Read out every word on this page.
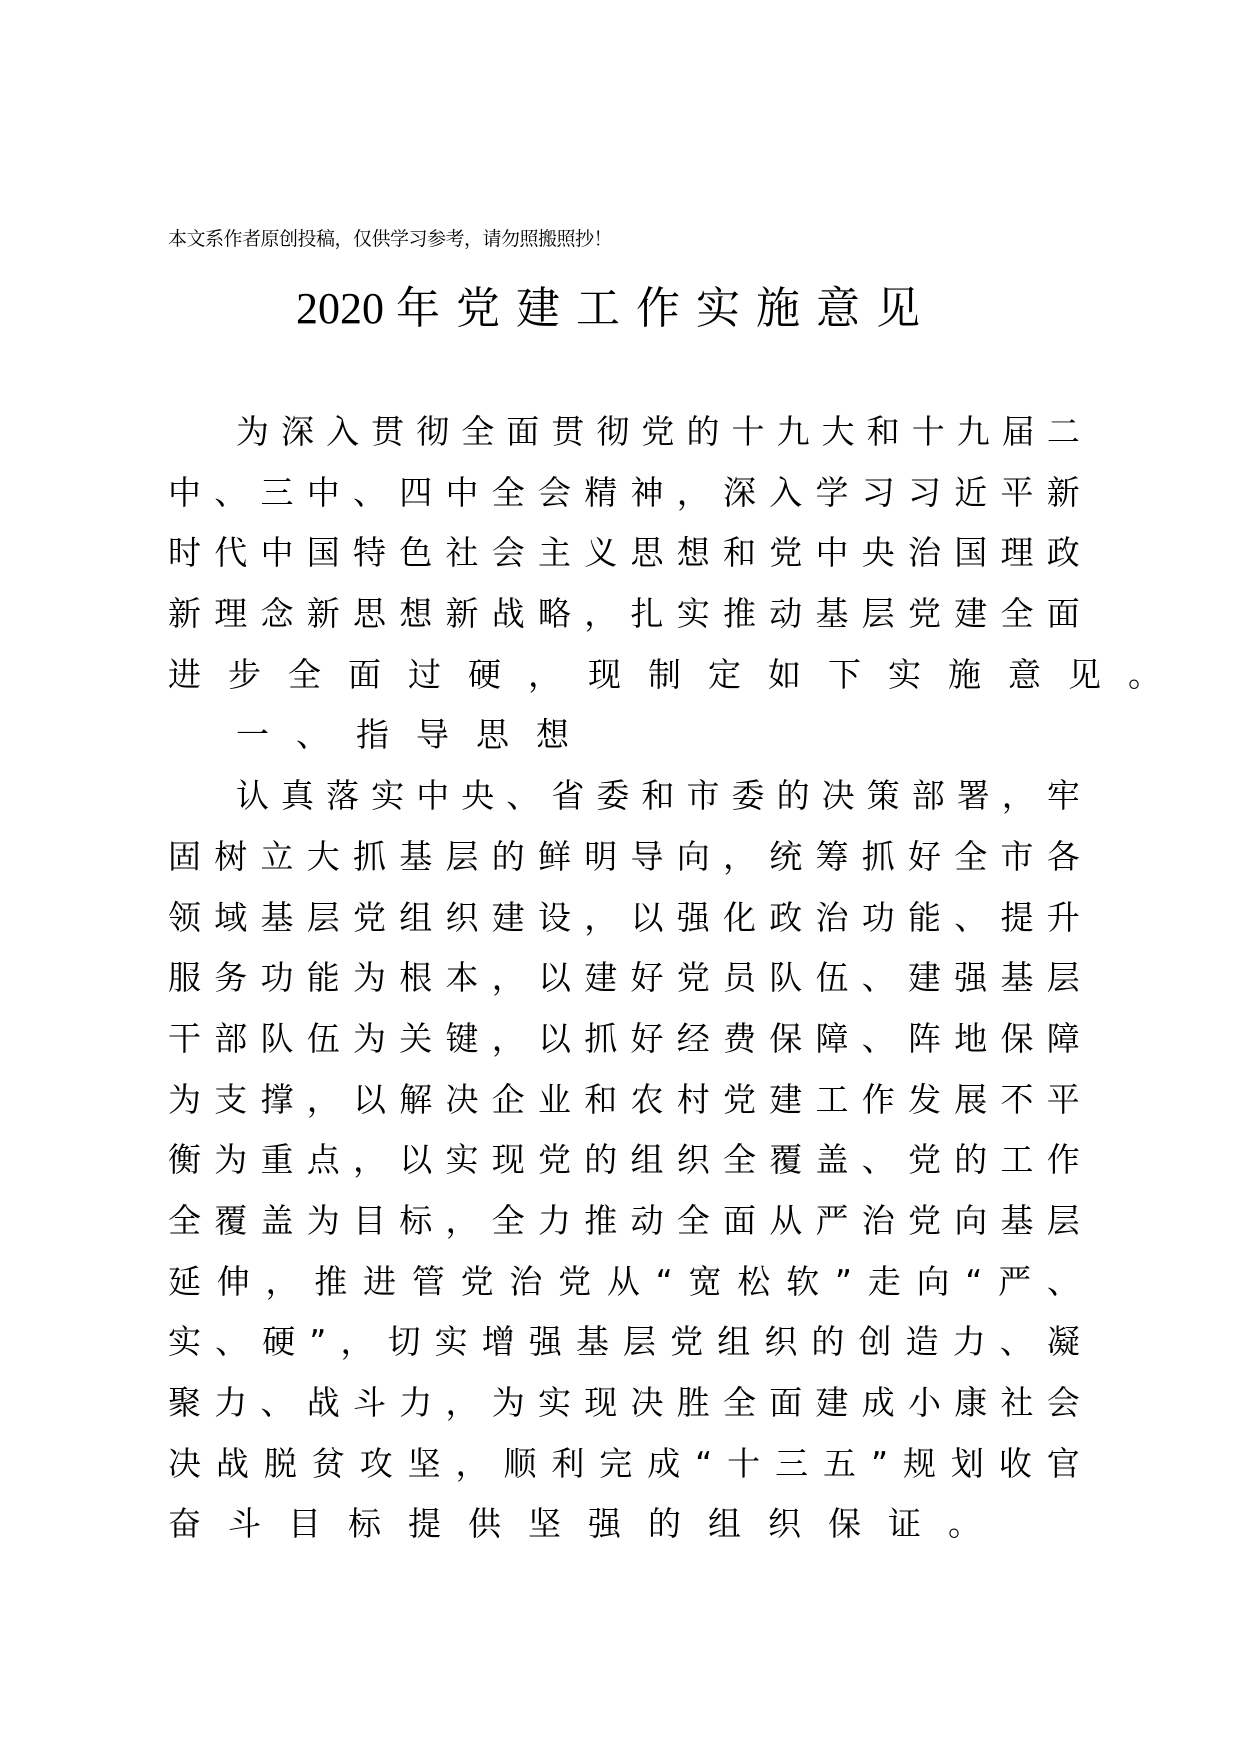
本文系作者原创投稿，仅供学习参考，请勿照搬照抄！
2020 年党建工作实施意见
为 深 入 贯 彻 全 面 贯 彻 党 的 十 九 大 和 十 九 届 二
中 、 三 中 、 四 中 全 会 精 神 ， 深 入 学 习 习 近 平 新
时 代 中 国 特 色 社 会 主 义 思 想 和 党 中 央 治 国 理 政
新 理 念 新 思 想 新 战 略 ， 扎 实 推 动 基 层 党 建 全 面
进步全面过硬，现制定如下实施意见。
一、指导思想
认 真 落 实 中 央 、 省 委 和 市 委 的 决 策 部 署 ， 牢
固 树 立 大 抓 基 层 的 鲜 明 导 向 ， 统 筹 抓 好 全 市 各
领 域 基 层 党 组 织 建 设 ， 以 强 化 政 治 功 能 、 提 升
服 务 功 能 为 根 本 ， 以 建 好 党 员 队 伍 、 建 强 基 层
干 部 队 伍 为 关 键 ， 以 抓 好 经 费 保 障 、 阵 地 保 障
为 支 撑 ， 以 解 决 企 业 和 农 村 党 建 工 作 发 展 不 平
衡 为 重 点 ， 以 实 现 党 的 组 织 全 覆 盖 、 党 的 工 作
全 覆 盖 为 目 标 ， 全 力 推 动 全 面 从 严 治 党 向 基 层
延 伸 ， 推 进 管 党 治 党 从 “ 宽 松 软 ” 走 向 “ 严 、
实 、 硬 ” ， 切 实 增 强 基 层 党 组 织 的 创 造 力 、 凝
聚 力 、 战 斗 力 ， 为 实 现 决 胜 全 面 建 成 小 康 社 会
决 战 脱 贫 攻 坚 ， 顺 利 完 成 “ 十 三 五 ” 规 划 收 官
奋斗目标提供坚强的组织保证。
